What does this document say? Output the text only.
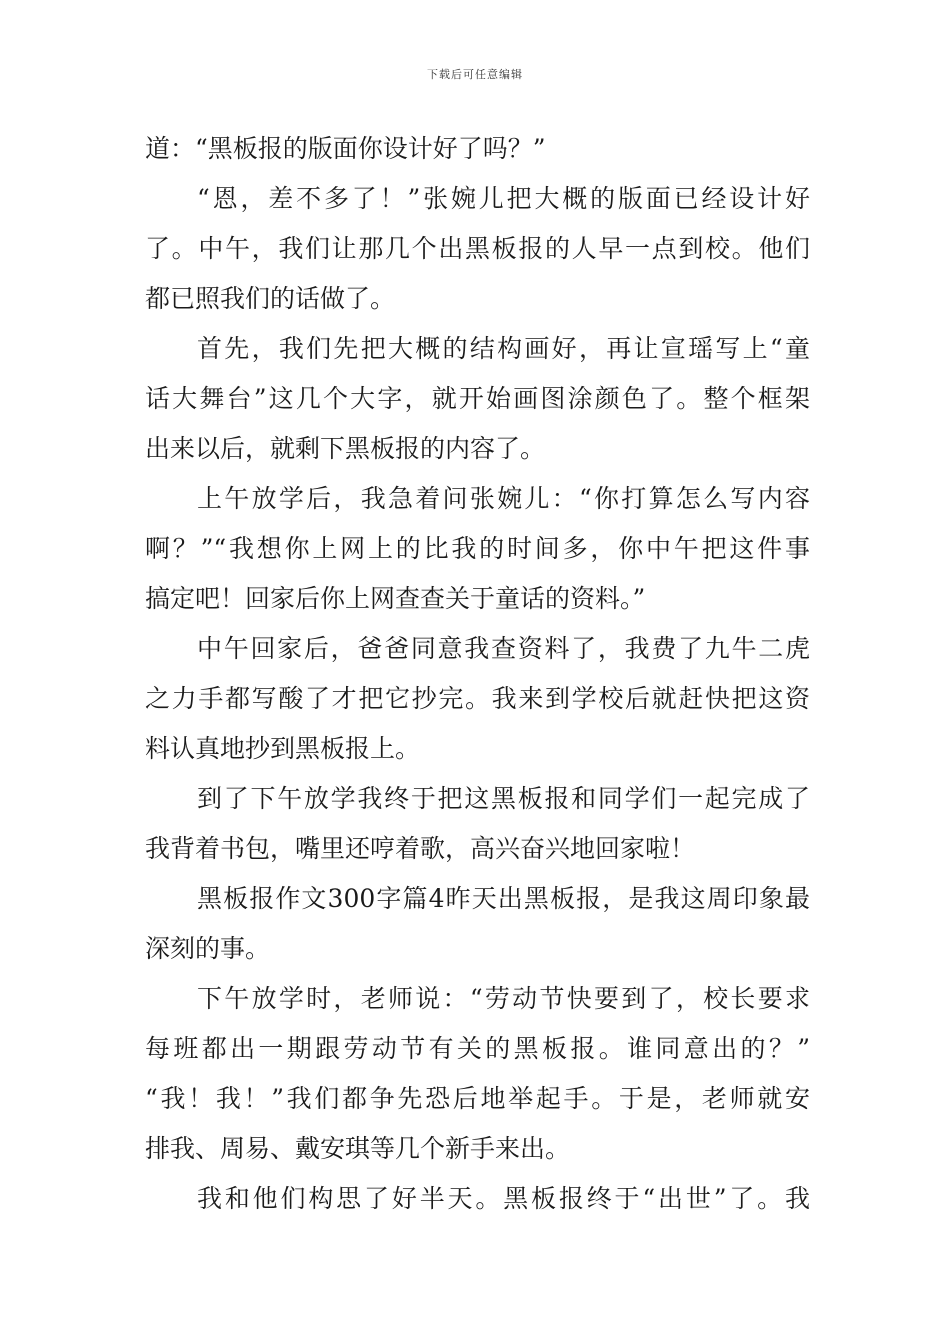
下载后可任意编辑
道：“黑板报的版面你设计好了吗？”
“恩，差不多了！”张婉儿把大概的版面已经设计好
了。中午，我们让那几个出黑板报的人早一点到校。他们
都已照我们的话做了。
首先，我们先把大概的结构画好，再让宣瑶写上“童
话大舞台”这几个大字，就开始画图涂颜色了。整个框架
出来以后，就剩下黑板报的内容了。
上午放学后，我急着问张婉儿：“你打算怎么写内容
啊？”“我想你上网上的比我的时间多，你中午把这件事
搞定吧！回家后你上网查查关于童话的资料。”
中午回家后，爸爸同意我查资料了，我费了九牛二虎
之力手都写酸了才把它抄完。我来到学校后就赶快把这资
料认真地抄到黑板报上。
到了下午放学我终于把这黑板报和同学们一起完成了
我背着书包，嘴里还哼着歌，高兴奋兴地回家啦！
黑板报作文300字篇4昨天出黑板报，是我这周印象最
深刻的事。
下午放学时，老师说：“劳动节快要到了，校长要求
每班都出一期跟劳动节有关的黑板报。谁同意出的？”
“我！我！”我们都争先恐后地举起手。于是，老师就安
排我、周易、戴安琪等几个新手来出。
我和他们构思了好半天。黑板报终于“出世”了。我
